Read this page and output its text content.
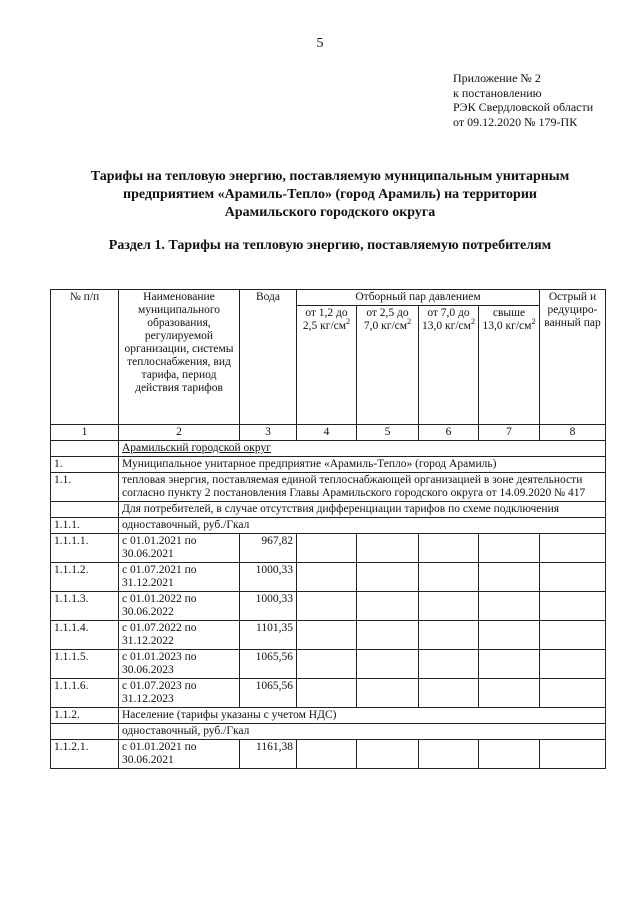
5
Приложение № 2
к постановлению
РЭК Свердловской области
от 09.12.2020 № 179-ПК
Тарифы на тепловую энергию, поставляемую муниципальным унитарным
предприятием «Арамиль-Тепло» (город Арамиль) на территории
Арамильского городского округа
Раздел 1. Тарифы на тепловую энергию, поставляемую потребителям
№ п/п	Наименование муниципального образования, регулируемой организации, системы теплоснабжения, вид тарифа, период действия тарифов	Вода	Отборный пар давлением				Острый и редуциро-ванный пар
			от 1,2 до 2,5 $кг/см^2$	от 2,5 до 7,0 $кг/см^2$	от 7,0 до 13,0 $кг/см^2$	свыше 13,0 $кг/см^2$
1	2	3	4	5	6	7	8
	Арамильский городской округ						
1.	Муниципальное унитарное предприятие «Арамиль-Тепло» (город Арамиль)						
1.1.	тепловая энергия, поставляемая единой теплоснабжающей организацией в зоне деятельности согласно пункту 2 постановления Главы Арамильского городского округа от 14.09.2020 № 417						
	Для потребителей, в случае отсутствия дифференциации тарифов по схеме подключения						
1.1.1.	одноставочный, руб./Гкал						
1.1.1.1.	с 01.01.2021 по 30.06.2021	967,82					
1.1.1.2.	с 01.07.2021 по 31.12.2021	1000,33					
1.1.1.3.	с 01.01.2022 по 30.06.2022	1000,33					
1.1.1.4.	с 01.07.2022 по 31.12.2022	1101,35					
1.1.1.5.	с 01.01.2023 по 30.06.2023	1065,56					
1.1.1.6.	с 01.07.2023 по 31.12.2023	1065,56					
1.1.2.	Население (тарифы указаны с учетом НДС)						
	одноставочный, руб./Гкал						
1.1.2.1.	с 01.01.2021 по 30.06.2021	1161,38					
